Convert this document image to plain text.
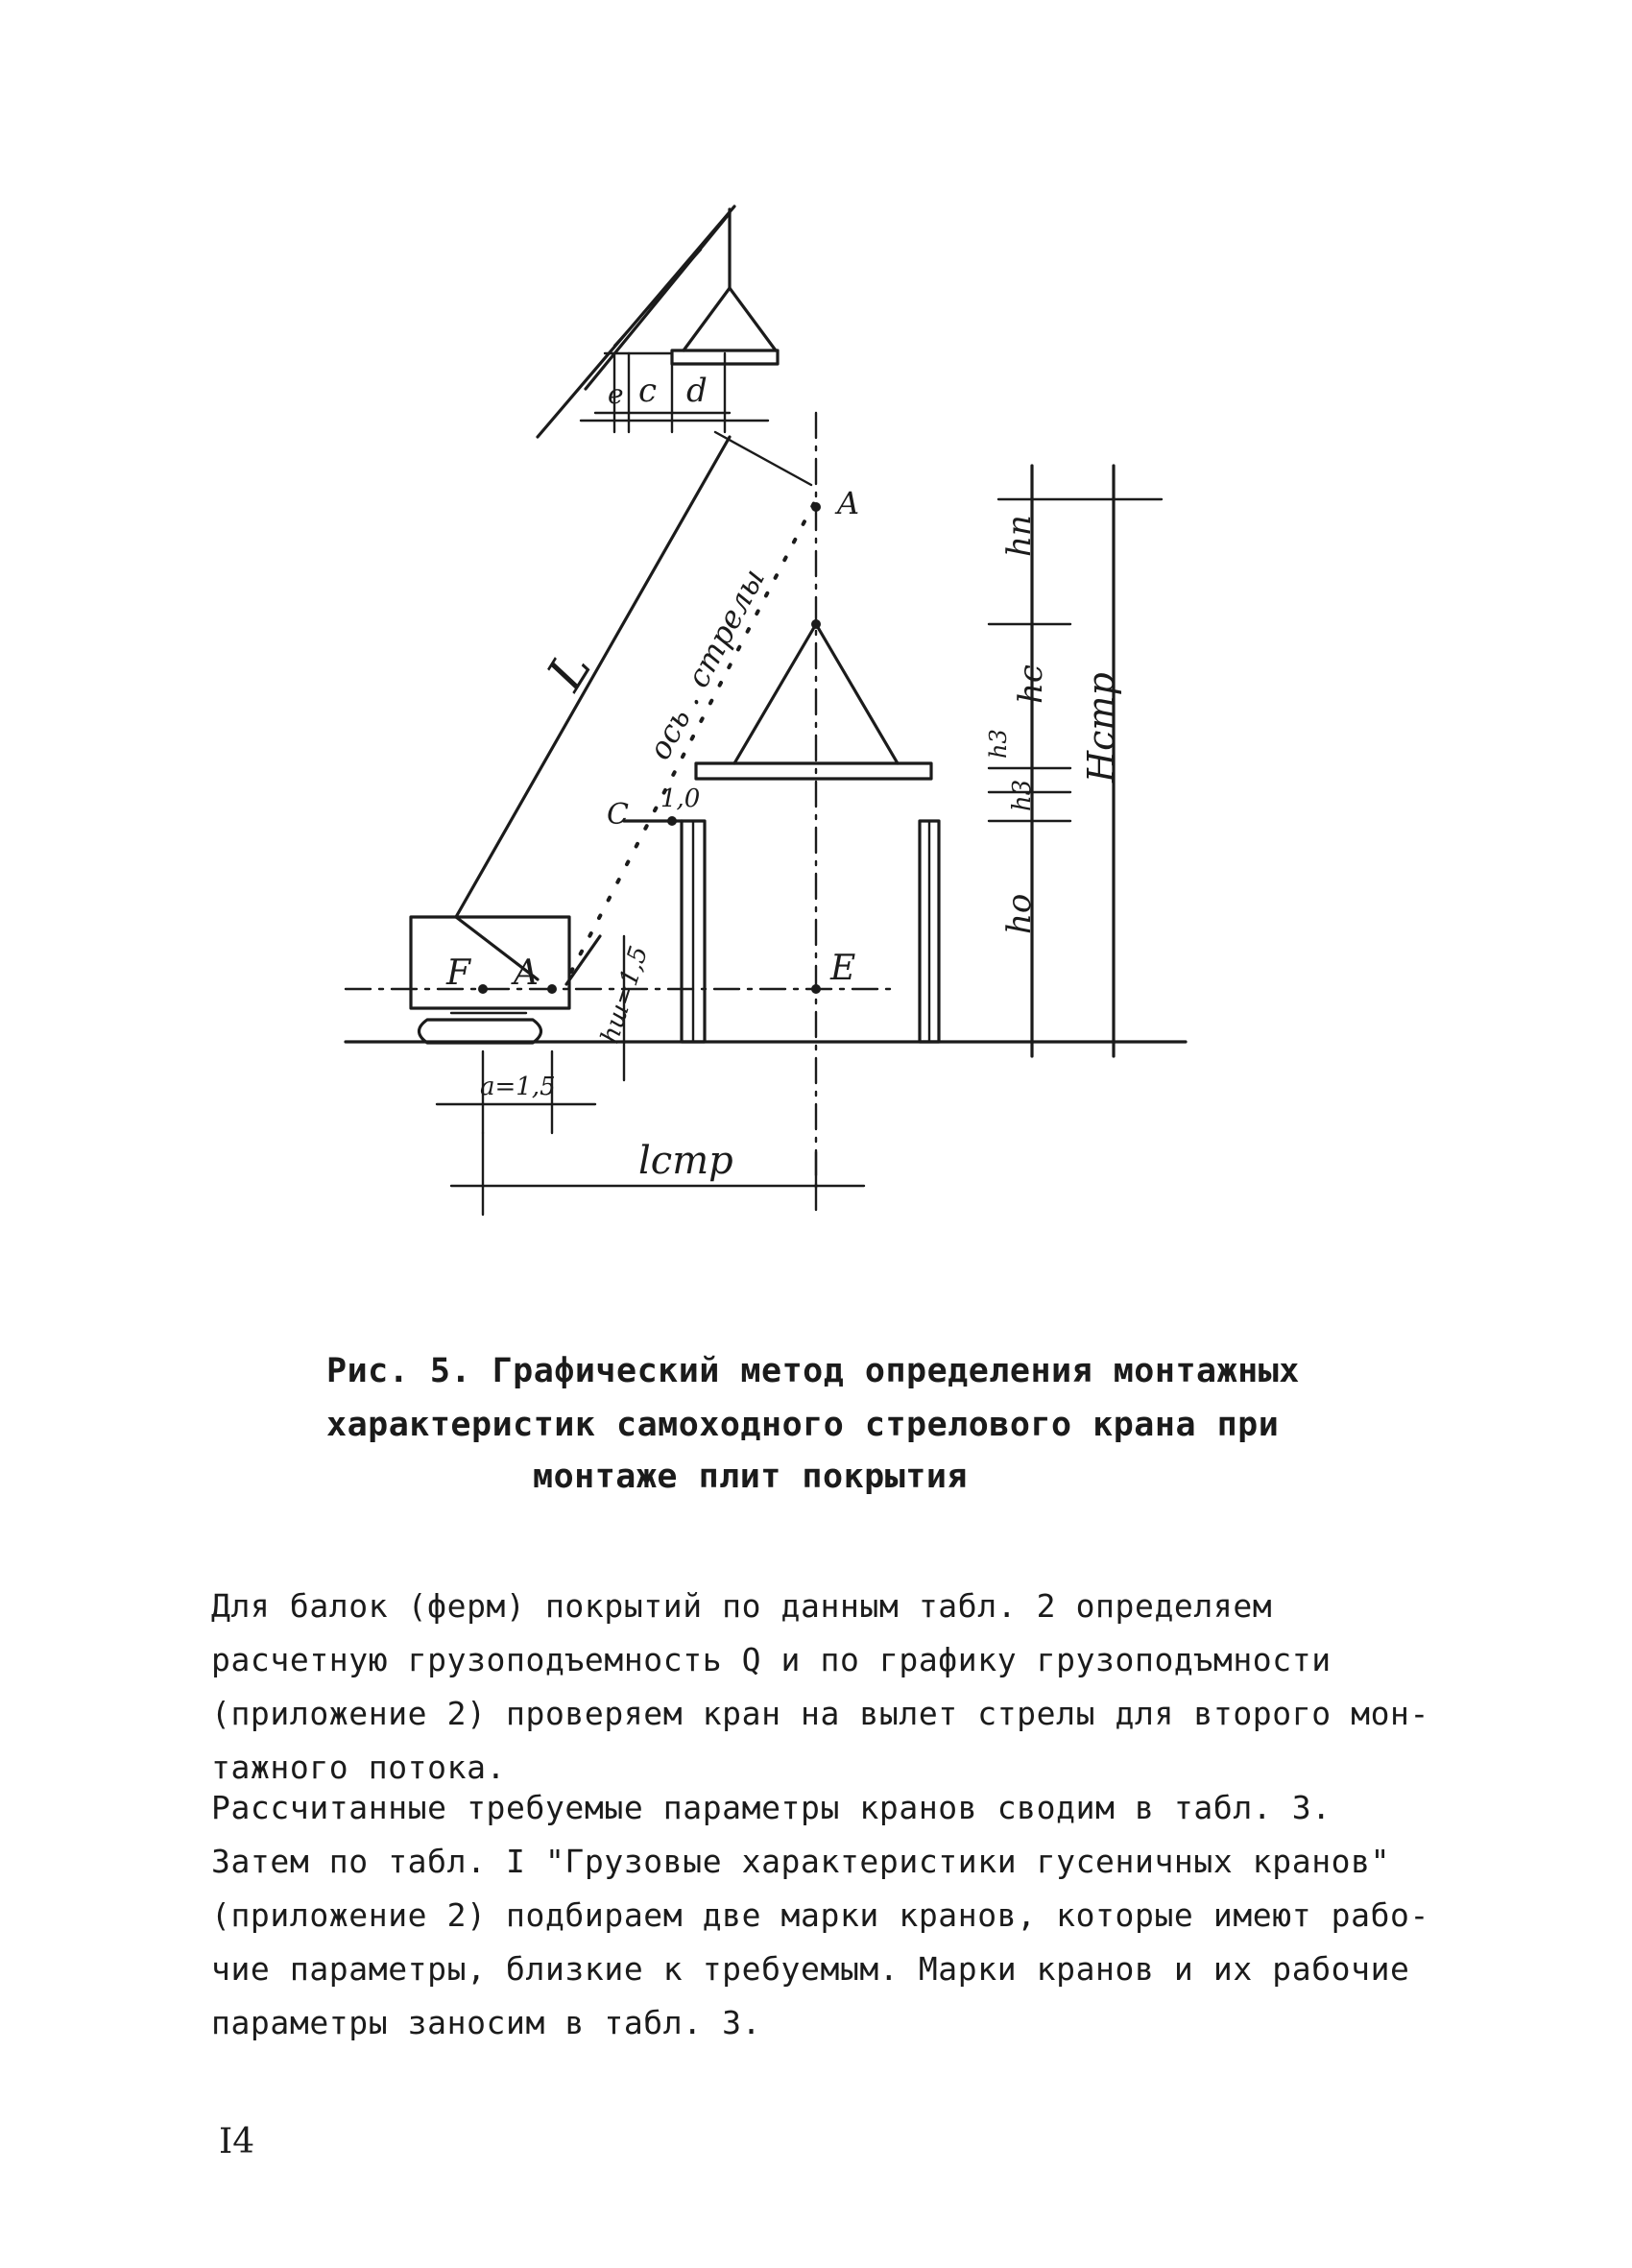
L ось . стрелы
A
A
F	E
C 1,0
e c d
hn
hc
h3
h3
Hстр
ho
hш=1,5
a=1,5
lстр
Рис. 5. Графический метод определения монтажных
характеристик самоходного стрелового крана при
монтаже плит покрытия
Для балок (ферм) покрытий по данным табл. 2 определяем
расчетную грузоподъемность Q и по графику грузоподъмности
(приложение 2) проверяем кран на вылет стрелы для второго мон-
тажного потока.
Рассчитанные требуемые параметры кранов сводим в табл. 3.
Затем по табл. I "Грузовые характеристики гусеничных кранов"
(приложение 2) подбираем две марки кранов, которые имеют рабо-
чие параметры, близкие к требуемым. Марки кранов и их рабочие
параметры заносим в табл. 3.
I4
